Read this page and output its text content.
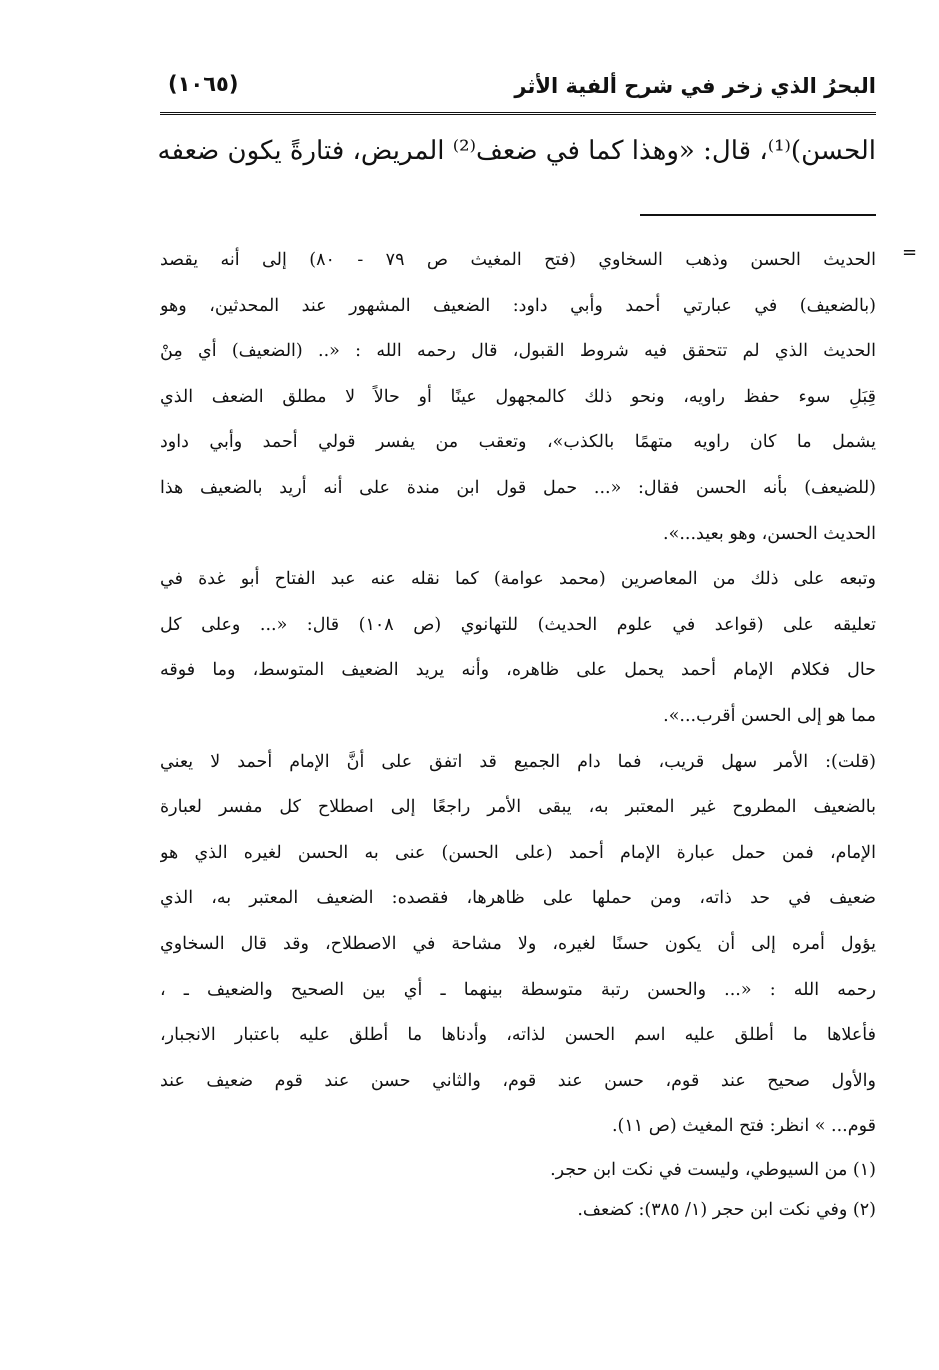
البحرُ الذي زخر في شرح ألفية الأثر
(١٠٦٥)
الحسن)⁽¹⁾، قال: «وهذا كما في ضعف⁽²⁾ المريض، فتارةً يكون ضعفه
=
الحديث الحسن وذهب السخاوي (فتح المغيث ص ٧٩ - ٨٠) إلى أنه يقصد
(بالضعيف) في عبارتي أحمد وأبي داود: الضعيف المشهور عند المحدثين، وهو
الحديث الذي لم تتحقق فيه شروط القبول، قال رحمه الله : «.. (الضعيف) أي مِنْ
قِبَلِ سوء حفظ راويه، ونحو ذلك كالمجهول عينًا أو حالاً لا مطلق الضعف الذي
يشمل ما كان راويه متهمًا بالكذب»، وتعقب من يفسر قولي أحمد وأبي داود
(للضيعف) بأنه الحسن فقال: «... حمل قول ابن مندة على أنه أريد بالضعيف هذا
الحديث الحسن، وهو بعيد...».
وتبعه على ذلك من المعاصرين (محمد عوامة) كما نقله عنه عبد الفتاح أبو غدة في
تعليقه على (قواعد في علوم الحديث) للتهانوي (ص ١٠٨) قال: «... وعلى كل
حال فكلام الإمام أحمد يحمل على ظاهره، وأنه يريد الضعيف المتوسط، وما فوقه
مما هو إلى الحسن أقرب...».
(قلت): الأمر سهل قريب، فما دام الجميع قد اتفق على أنَّ الإمام أحمد لا يعني
بالضعيف المطروح غير المعتبر به، يبقى الأمر راجعًا إلى اصطلاح كل مفسر لعبارة
الإمام، فمن حمل عبارة الإمام أحمد (على الحسن) عنى به الحسن لغيره الذي هو
ضعيف في حد ذاته، ومن حملها على ظاهرها، فقصده: الضعيف المعتبر به، الذي
يؤول أمره إلى أن يكون حسنًا لغيره، ولا مشاحة في الاصطلاح، وقد قال السخاوي
رحمه الله : «... والحسن رتبة متوسطة بينهما ـ أي بين الصحيح والضعيف ـ ،
فأعلاها ما أطلق عليه اسم الحسن لذاته، وأدناها ما أطلق عليه باعتبار الانجبار،
والأول صحيح عند قوم، حسن عند قوم، والثاني حسن عند قوم ضعيف عند
قوم... » انظر: فتح المغيث (ص ١١).
(١) من السيوطي، وليست في نكت ابن حجر.
(٢) وفي نكت ابن حجر (١/ ٣٨٥): كضعف.
